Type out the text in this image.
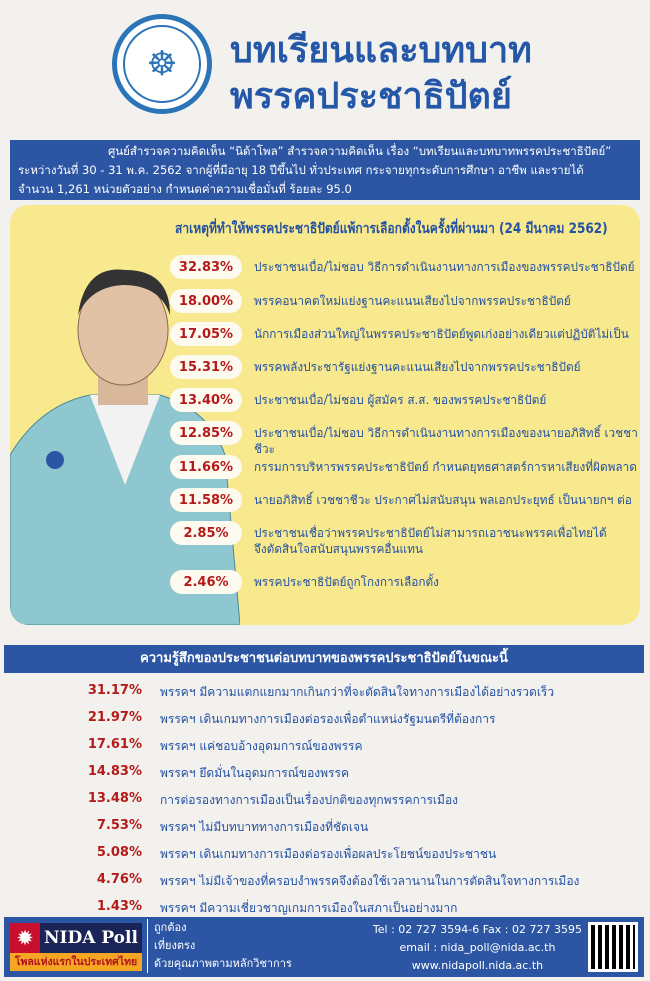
☸	บทเรียนและบทบาท
พรรคประชาธิปัตย์

ศูนย์สำรวจความคิดเห็น “นิด้าโพล” สำรวจความคิดเห็น เรื่อง “บทเรียนและบทบาทพรรคประชาธิปัตย์”

ระหว่างวันที่ 30 - 31 พ.ค. 2562 จากผู้ที่มีอายุ 18 ปีขึ้นไป ทั่วประเทศ กระจายทุกระดับการศึกษา อาชีพ และรายได้

จำนวน 1,261 หน่วยตัวอย่าง กำหนดค่าความเชื่อมั่นที่ ร้อยละ 95.0

32.83%	ประชาชนเบื่อ/ไม่ชอบ วิธีการดำเนินงานทางการเมืองของพรรคประชาธิปัตย์
18.00%	พรรคอนาคตใหม่แย่งฐานคะแนนเสียงไปจากพรรคประชาธิปัตย์
17.05%	นักการเมืองส่วนใหญ่ในพรรคประชาธิปัตย์พูดเก่งอย่างเดียวแต่ปฏิบัติไม่เป็น
15.31%	พรรคพลังประชารัฐแย่งฐานคะแนนเสียงไปจากพรรคประชาธิปัตย์
13.40%	ประชาชนเบื่อ/ไม่ชอบ ผู้สมัคร ส.ส. ของพรรคประชาธิปัตย์
12.85%	ประชาชนเบื่อ/ไม่ชอบ วิธีการดำเนินงานทางการเมืองของนายอภิสิทธิ์ เวชชาชีวะ
11.66%	กรรมการบริหารพรรคประชาธิปัตย์ กำหนดยุทธศาสตร์การหาเสียงที่ผิดพลาด
11.58%	นายอภิสิทธิ์ เวชชาชีวะ ประกาศไม่สนับสนุน พลเอกประยุทธ์ เป็นนายกฯ ต่อ
2.85%	ประชาชนเชื่อว่าพรรคประชาธิปัตย์ไม่สามารถเอาชนะพรรคเพื่อไทยได้ จึงตัดสินใจสนับสนุนพรรคอื่นแทน
2.46%	พรรคประชาธิปัตย์ถูกโกงการเลือกตั้ง
สาเหตุที่ทำให้พรรคประชาธิปัตย์แพ้การเลือกตั้งในครั้งที่ผ่านมา (24 มีนาคม 2562)
ความรู้สึกของประชาชนต่อบทบาทของพรรคประชาธิปัตย์ในขณะนี้
31.17% พรรคฯ มีความแตกแยกมากเกินกว่าที่จะตัดสินใจทางการเมืองได้อย่างรวดเร็ว
21.97% พรรคฯ เดินเกมทางการเมืองต่อรองเพื่อตำแหน่งรัฐมนตรีที่ต้องการ
17.61% พรรคฯ แค่ชอบอ้างอุดมการณ์ของพรรค
14.83% พรรคฯ ยึดมั่นในอุดมการณ์ของพรรค
13.48% การต่อรองทางการเมืองเป็นเรื่องปกติของทุกพรรคการเมือง
7.53% พรรคฯ ไม่มีบทบาททางการเมืองที่ชัดเจน
5.08% พรรคฯ เดินเกมทางการเมืองต่อรองเพื่อผลประโยชน์ของประชาชน
4.76% พรรคฯ ไม่มีเจ้าของที่ครอบงำพรรคจึงต้องใช้เวลานานในการตัดสินใจทางการเมือง
1.43% พรรคฯ มีความเชี่ยวชาญเกมการเมืองในสภาเป็นอย่างมาก
✹ NIDA Poll
โพลแห่งแรกในประเทศไทย
ถูกต้อง
เที่ยงตรง
ด้วยคุณภาพตามหลักวิชาการ
Tel : 02 727 3594-6 Fax : 02 727 3595
email : nida_poll@nida.ac.th
www.nidapoll.nida.ac.th
